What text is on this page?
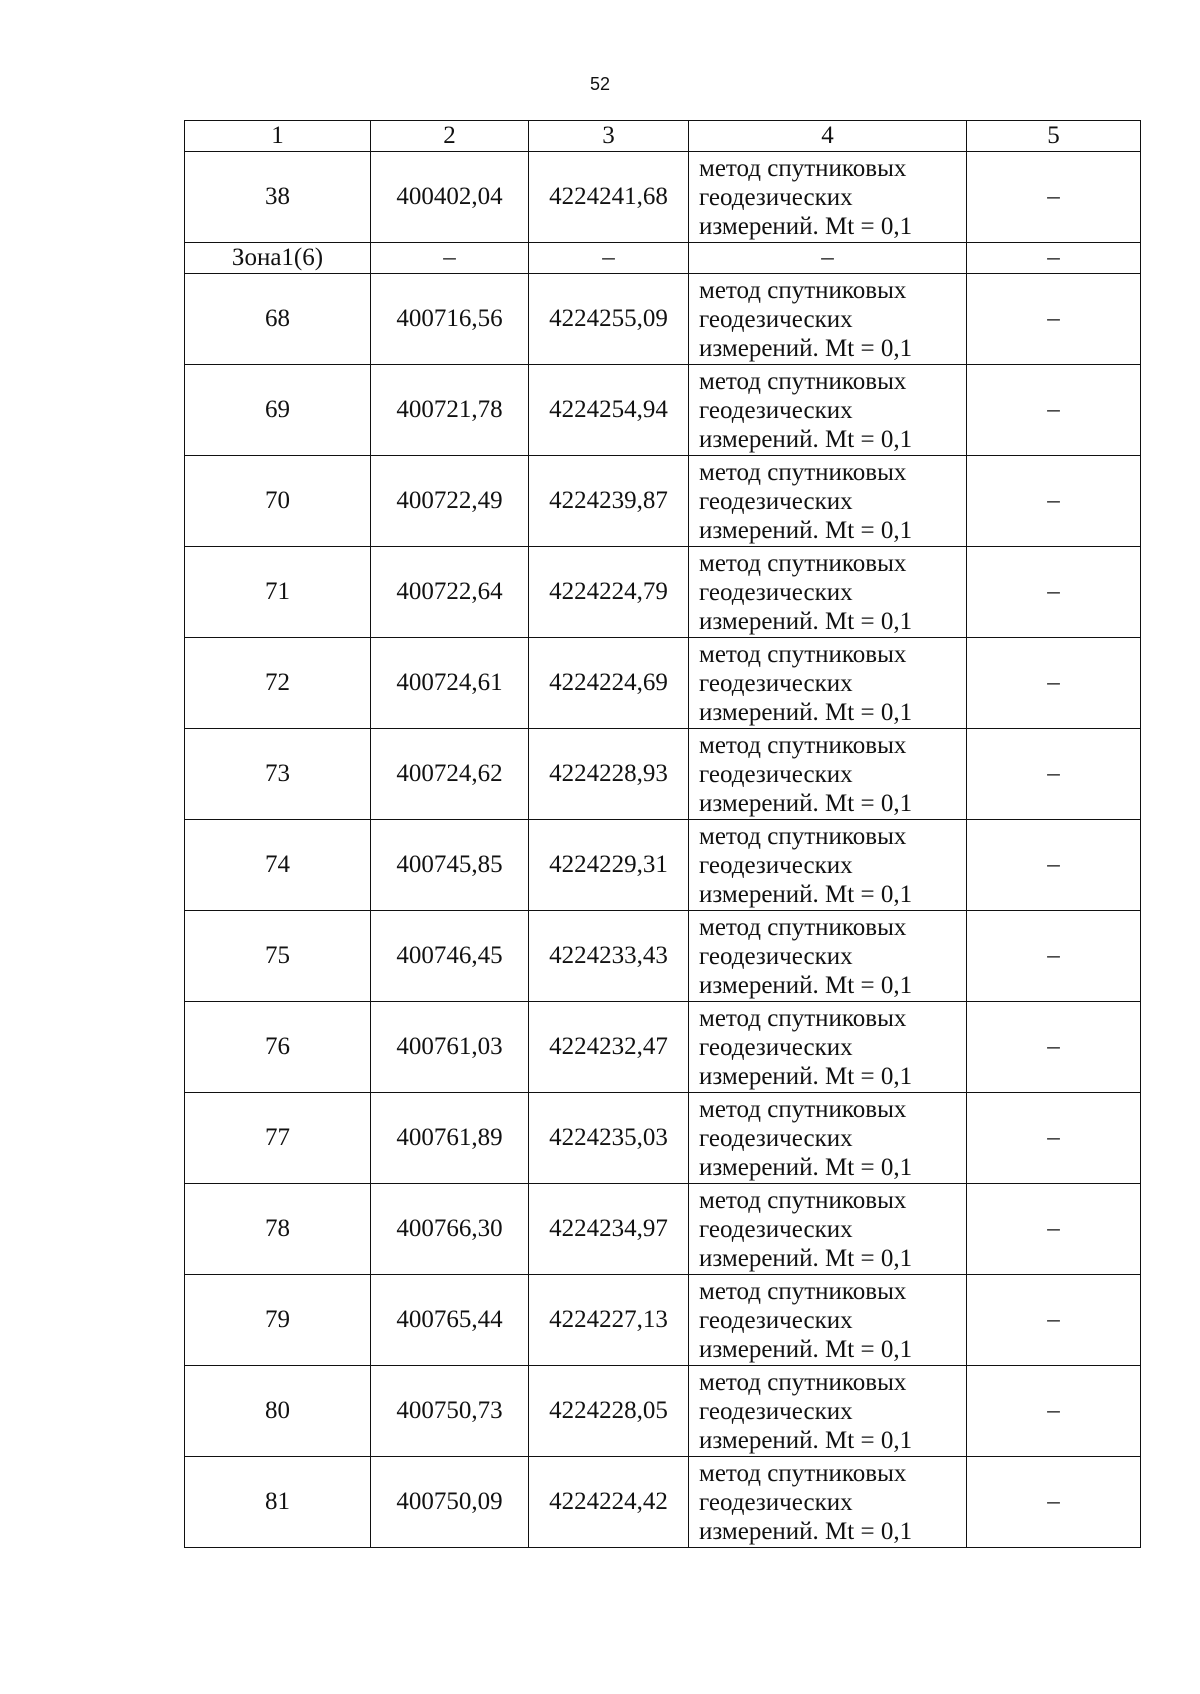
52
1	2	3	4	5
38	400402,04	4224241,68	метод спутниковых
геодезических
измерений. Mt = 0,1	–
Зона1(6)	–	–	–	–
68	400716,56	4224255,09	метод спутниковых
геодезических
измерений. Mt = 0,1	–
69	400721,78	4224254,94	метод спутниковых
геодезических
измерений. Mt = 0,1	–
70	400722,49	4224239,87	метод спутниковых
геодезических
измерений. Mt = 0,1	–
71	400722,64	4224224,79	метод спутниковых
геодезических
измерений. Mt = 0,1	–
72	400724,61	4224224,69	метод спутниковых
геодезических
измерений. Mt = 0,1	–
73	400724,62	4224228,93	метод спутниковых
геодезических
измерений. Mt = 0,1	–
74	400745,85	4224229,31	метод спутниковых
геодезических
измерений. Mt = 0,1	–
75	400746,45	4224233,43	метод спутниковых
геодезических
измерений. Mt = 0,1	–
76	400761,03	4224232,47	метод спутниковых
геодезических
измерений. Mt = 0,1	–
77	400761,89	4224235,03	метод спутниковых
геодезических
измерений. Mt = 0,1	–
78	400766,30	4224234,97	метод спутниковых
геодезических
измерений. Mt = 0,1	–
79	400765,44	4224227,13	метод спутниковых
геодезических
измерений. Mt = 0,1	–
80	400750,73	4224228,05	метод спутниковых
геодезических
измерений. Mt = 0,1	–
81	400750,09	4224224,42	метод спутниковых
геодезических
измерений. Mt = 0,1	–
